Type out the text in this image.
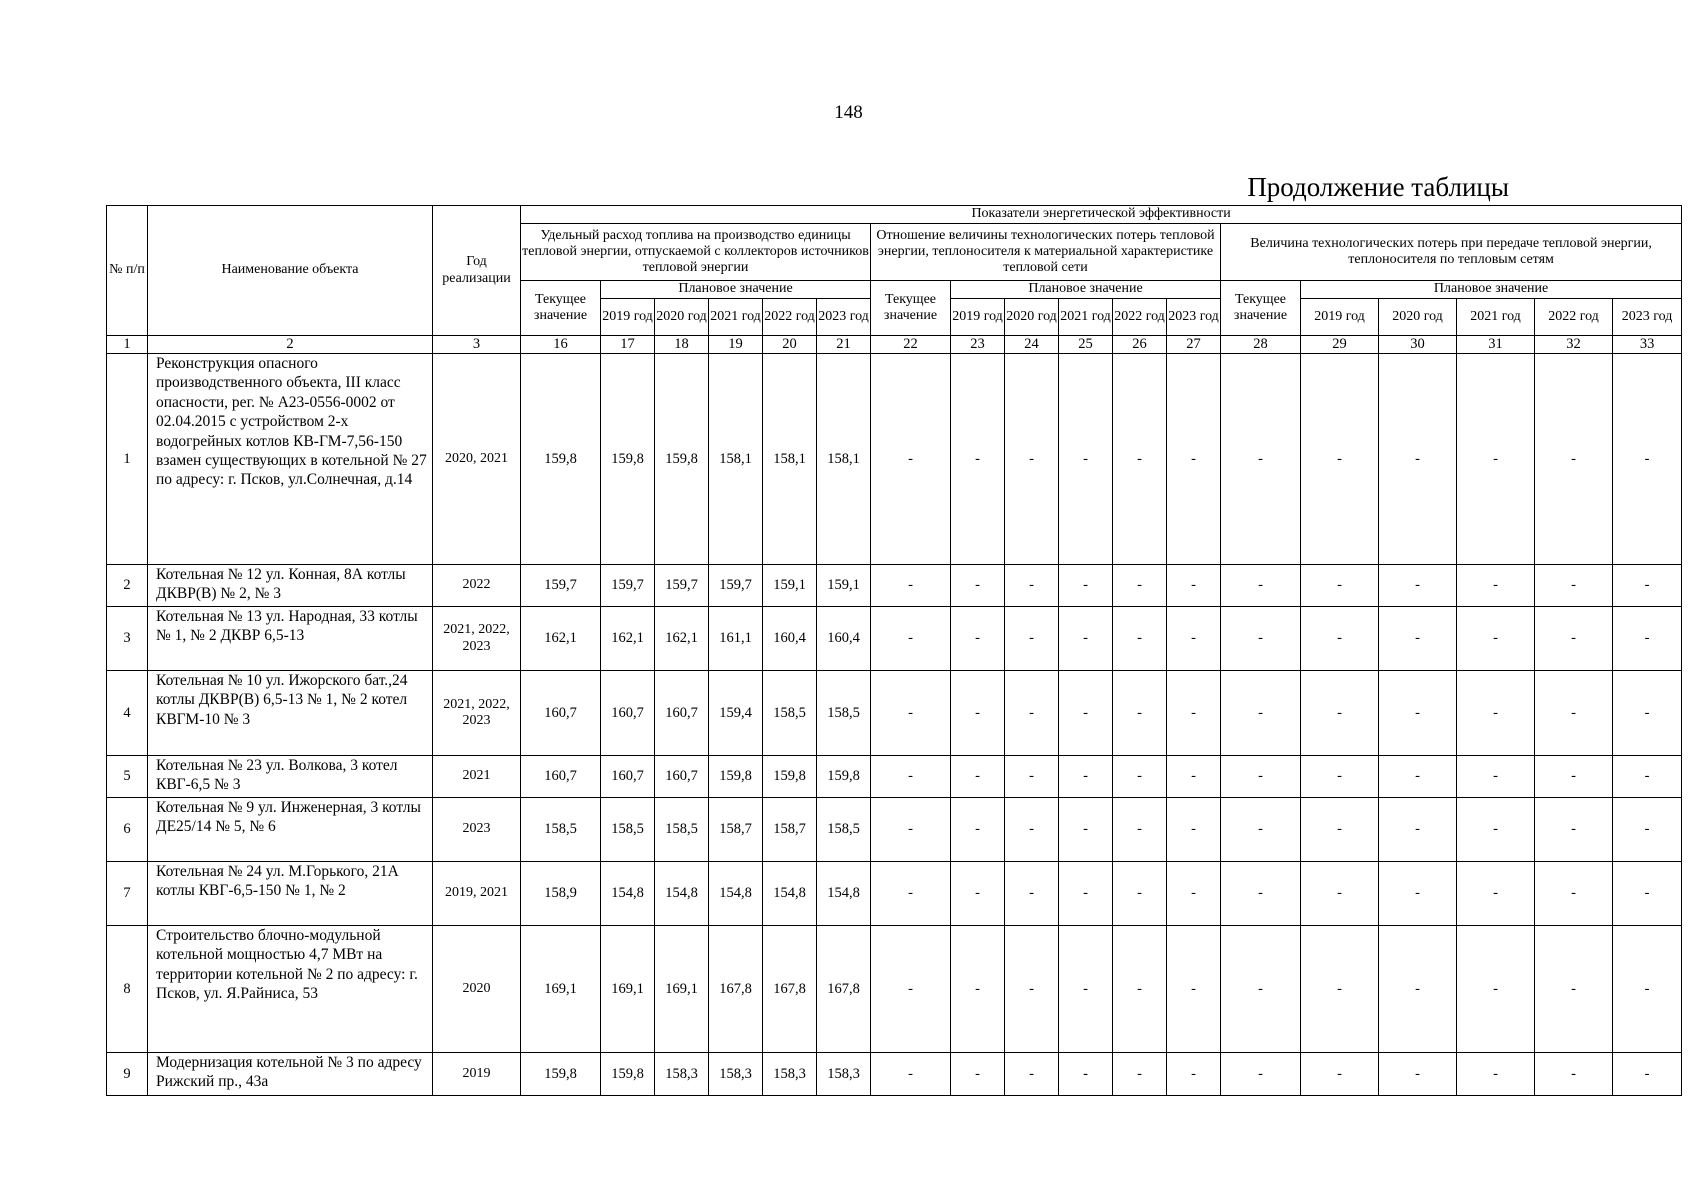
148
Продолжение таблицы
№ п/п	Наименование объекта	Год реализации	Показатели энергетической эффективности																		
			Удельный расход топлива на производство единицы тепловой энергии, отпускаемой с коллекторов источников тепловой энергии						Отношение величины технологических потерь тепловой энергии, теплоносителя к материальной характеристике тепловой сети						Величина технологических потерь при передаче тепловой энергии, теплоносителя по тепловым сетям						
			Текущее значение	Плановое значение					Текущее значение	Плановое значение					Текущее значение	Плановое значение					
				2019 год	2020 год	2021 год	2022 год	2023 год		2019 год	2020 год	2021 год	2022 год	2023 год		2019 год	2020 год	2021 год	2022 год	2023 год	
1	2	3	16	17	18	19	20	21	22	23	24	25	26	27	28	29	30	31	32	33	
1	Реконструкция опасного производственного объекта, III класс опасности, рег. № А23-0556-0002 от 02.04.2015 с устройством 2-х водогрейных котлов КВ-ГМ-7,56-150 взамен существующих в котельной № 27 по адресу: г. Псков, ул.Солнечная, д.14	2020, 2021	159,8	159,8	159,8	158,1	158,1	158,1	-	-	-	-	-	-	-	-	-	-	-	-		
2	Котельная № 12 ул. Конная, 8А котлы ДКВР(В) № 2, № 3	2022	159,7	159,7	159,7	159,7	159,1	159,1	-	-	-	-	-	-	-	-	-	-	-	-		
3	Котельная № 13 ул. Народная, 33 котлы № 1, № 2 ДКВР 6,5-13	2021, 2022, 2023	162,1	162,1	162,1	161,1	160,4	160,4	-	-	-	-	-	-	-	-	-	-	-	-		
4	Котельная № 10 ул. Ижорского бат.,24 котлы ДКВР(В) 6,5-13 № 1, № 2 котел КВГМ-10 № 3	2021, 2022, 2023	160,7	160,7	160,7	159,4	158,5	158,5	-	-	-	-	-	-	-	-	-	-	-	-		
5	Котельная № 23 ул. Волкова, 3 котел КВГ-6,5 № 3	2021	160,7	160,7	160,7	159,8	159,8	159,8	-	-	-	-	-	-	-	-	-	-	-	-		
6	Котельная № 9 ул. Инженерная, 3 котлы ДЕ25/14 № 5, № 6	2023	158,5	158,5	158,5	158,7	158,7	158,5	-	-	-	-	-	-	-	-	-	-	-	-		
7	Котельная № 24 ул. М.Горького, 21А котлы КВГ-6,5-150 № 1, № 2	2019, 2021	158,9	154,8	154,8	154,8	154,8	154,8	-	-	-	-	-	-	-	-	-	-	-	-		
8	Строительство блочно-модульной котельной мощностью 4,7 МВт на территории котельной № 2 по адресу: г. Псков, ул. Я.Райниса, 53	2020	169,1	169,1	169,1	167,8	167,8	167,8	-	-	-	-	-	-	-	-	-	-	-	-		
9	Модернизация котельной № 3 по адресу Рижский пр., 43а	2019	159,8	159,8	158,3	158,3	158,3	158,3	-	-	-	-	-	-	-	-	-	-	-	-		
